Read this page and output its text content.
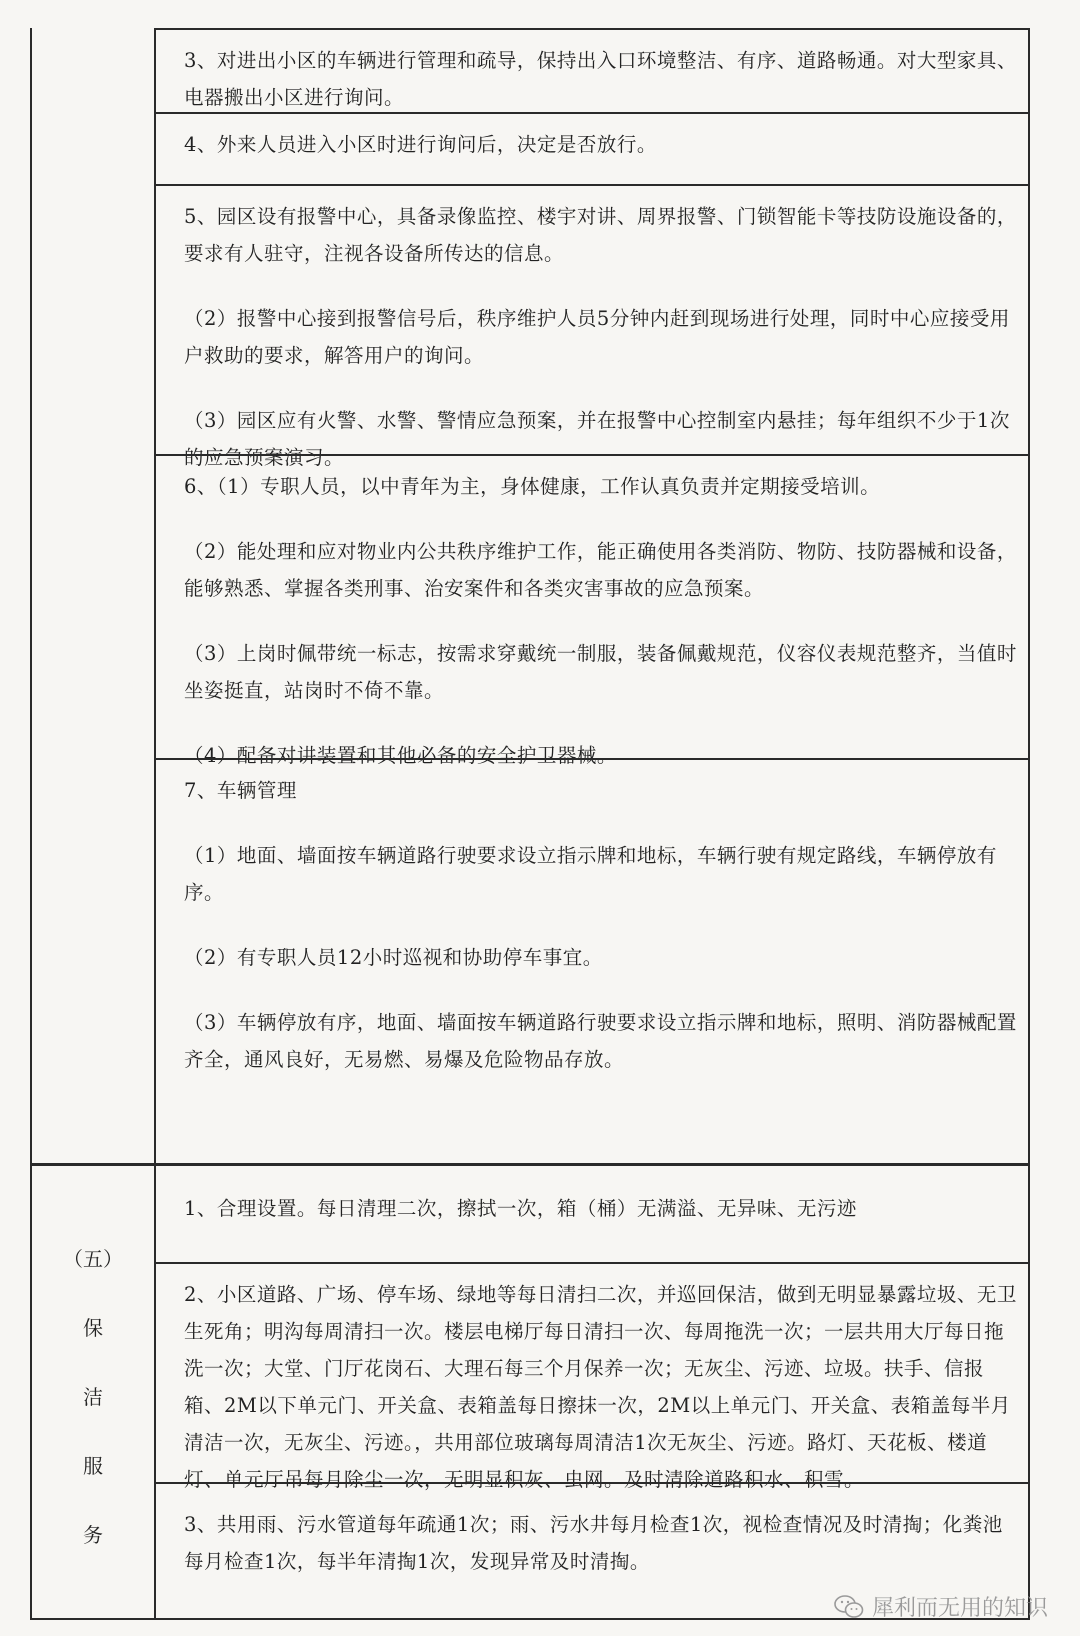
3、对进出小区的车辆进行管理和疏导，保持出入口环境整洁、有序、道路畅通。对大型家具、电器搬出小区进行询问。

4、外来人员进入小区时进行询问后，决定是否放行。

5、园区设有报警中心，具备录像监控、楼宇对讲、周界报警、门锁智能卡等技防设施设备的，要求有人驻守，注视各设备所传达的信息。

（2）报警中心接到报警信号后，秩序维护人员5分钟内赶到现场进行处理，同时中心应接受用户救助的要求，解答用户的询问。

（3）园区应有火警、水警、警情应急预案，并在报警中心控制室内悬挂；每年组织不少于1次的应急预案演习。

6、（1）专职人员，以中青年为主，身体健康，工作认真负责并定期接受培训。

（2）能处理和应对物业内公共秩序维护工作，能正确使用各类消防、物防、技防器械和设备，能够熟悉、掌握各类刑事、治安案件和各类灾害事故的应急预案。

（3）上岗时佩带统一标志，按需求穿戴统一制服，装备佩戴规范，仪容仪表规范整齐，当值时坐姿挺直，站岗时不倚不靠。

（4）配备对讲装置和其他必备的安全护卫器械。

7、车辆管理

（1）地面、墙面按车辆道路行驶要求设立指示牌和地标，车辆行驶有规定路线，车辆停放有序。

（2）有专职人员12小时巡视和协助停车事宜。

（3）车辆停放有序，地面、墙面按车辆道路行驶要求设立指示牌和地标，照明、消防器械配置齐全，通风良好，无易燃、易爆及危险物品存放。

（五）
保
洁
服
务

1、合理设置。每日清理二次，擦拭一次，箱（桶）无满溢、无异味、无污迹

2、小区道路、广场、停车场、绿地等每日清扫二次，并巡回保洁，做到无明显暴露垃圾、无卫生死角；明沟每周清扫一次。楼层电梯厅每日清扫一次、每周拖洗一次；一层共用大厅每日拖洗一次；大堂、门厅花岗石、大理石每三个月保养一次；无灰尘、污迹、垃圾。扶手、信报箱、2M以下单元门、开关盒、表箱盖每日擦抹一次，2M以上单元门、开关盒、表箱盖每半月清洁一次，无灰尘、污迹。，共用部位玻璃每周清洁1次无灰尘、污迹。路灯、天花板、楼道灯、单元厅吊每月除尘一次，无明显积灰、虫网。及时清除道路积水、积雪。

3、共用雨、污水管道每年疏通1次；雨、污水井每月检查1次，视检查情况及时清掏；化粪池每月检查1次，每半年清掏1次，发现异常及时清掏。

犀利而无用的知识
